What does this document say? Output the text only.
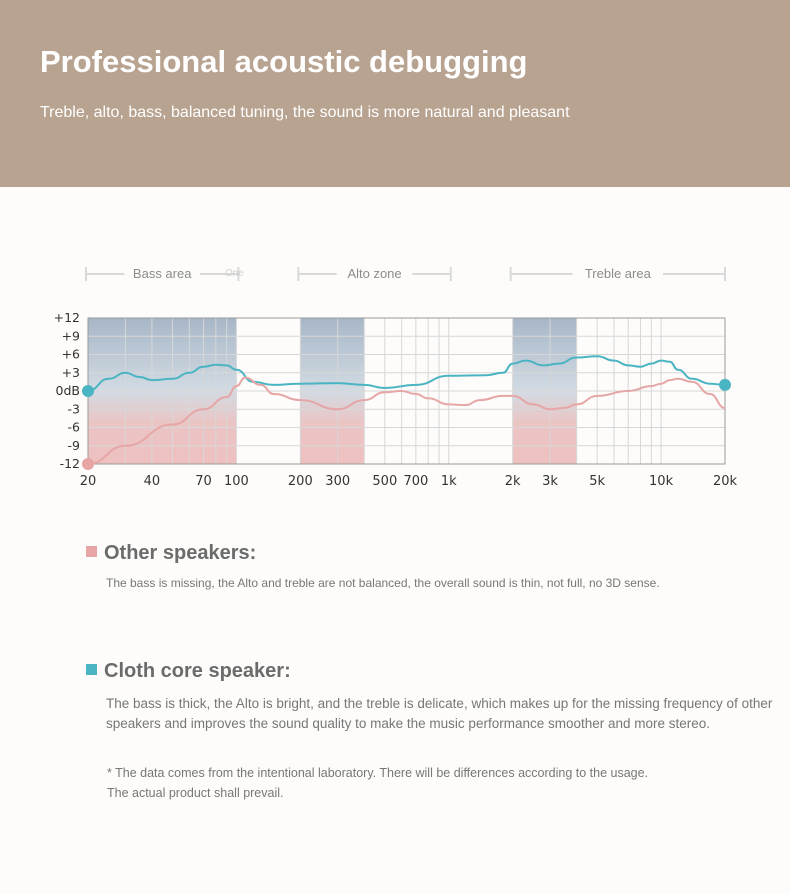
Professional acoustic debugging
Treble, alto, bass, balanced tuning, the sound is more natural and pleasant
Bass area	Alto zone	Treble area
One
+12
+9
+6
+3
0dB
-3
-6
-9
-12
20	40	70 100	200 300 500 700 1k	2k 3k 5k	10k	20k
Other speakers:
The bass is missing, the Alto and treble are not balanced, the overall sound is thin, not full, no 3D sense.
Cloth core speaker:
The bass is thick, the Alto is bright, and the treble is delicate, which makes up for the missing frequency of other speakers and improves the sound quality to make the music performance smoother and more stereo.
* The data comes from the intentional laboratory. There will be differences according to the usage. The actual product shall prevail.
